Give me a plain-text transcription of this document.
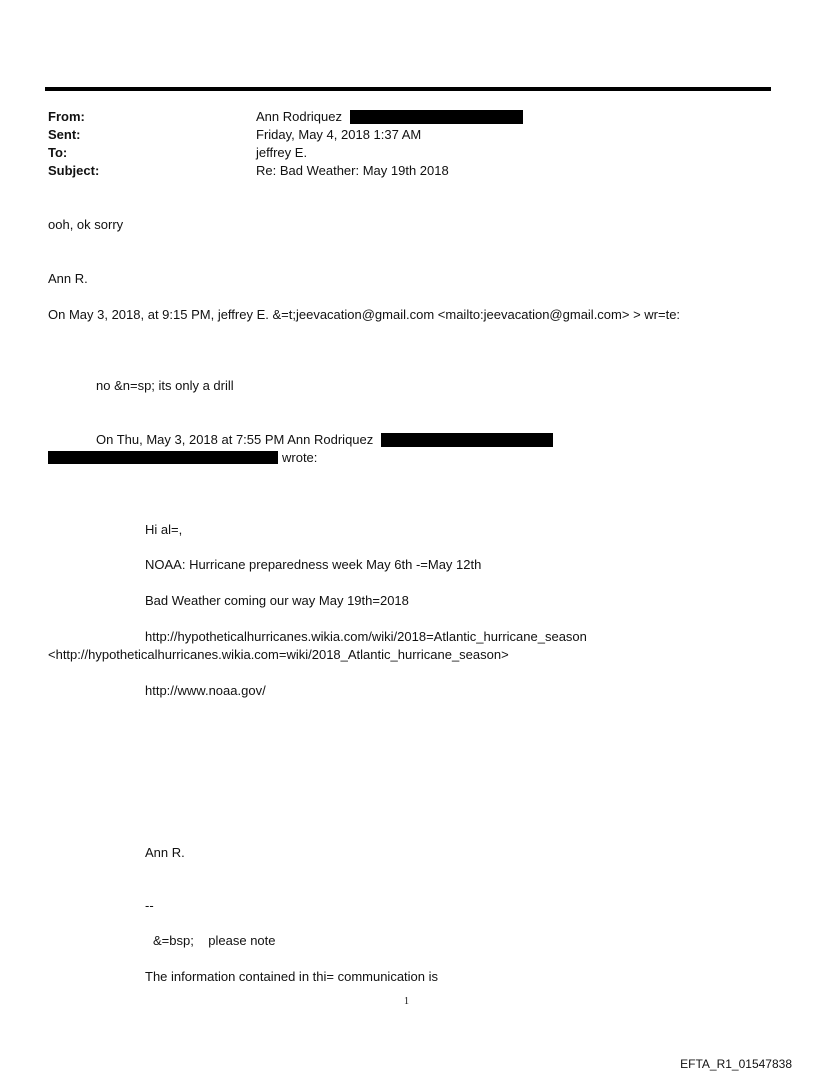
From:	Ann Rodriquez
Sent:	Friday, May 4, 2018 1:37 AM
To:	jeffrey E.
Subject:	Re: Bad Weather: May 19th 2018
ooh, ok sorry
Ann R.
On May 3, 2018, at 9:15 PM, jeffrey E. &=t;jeevacation@gmail.com <mailto:jeevacation@gmail.com> > wr=te:
no &n=sp; its only a drill
On Thu, May 3, 2018 at 7:55 PM Ann Rodriquez
wrote:
Hi al=,
NOAA: Hurricane preparedness week May 6th -=May 12th
Bad Weather coming our way May 19th=2018
http://hypotheticalhurricanes.wikia.com/wiki/2018=Atlantic_hurricane_season
<http://hypotheticalhurricanes.wikia.com=wiki/2018_Atlantic_hurricane_season>
http://www.noaa.gov/
Ann R.
--
&=bsp;    please note
The information contained in thi= communication is
1
EFTA_R1_01547838
